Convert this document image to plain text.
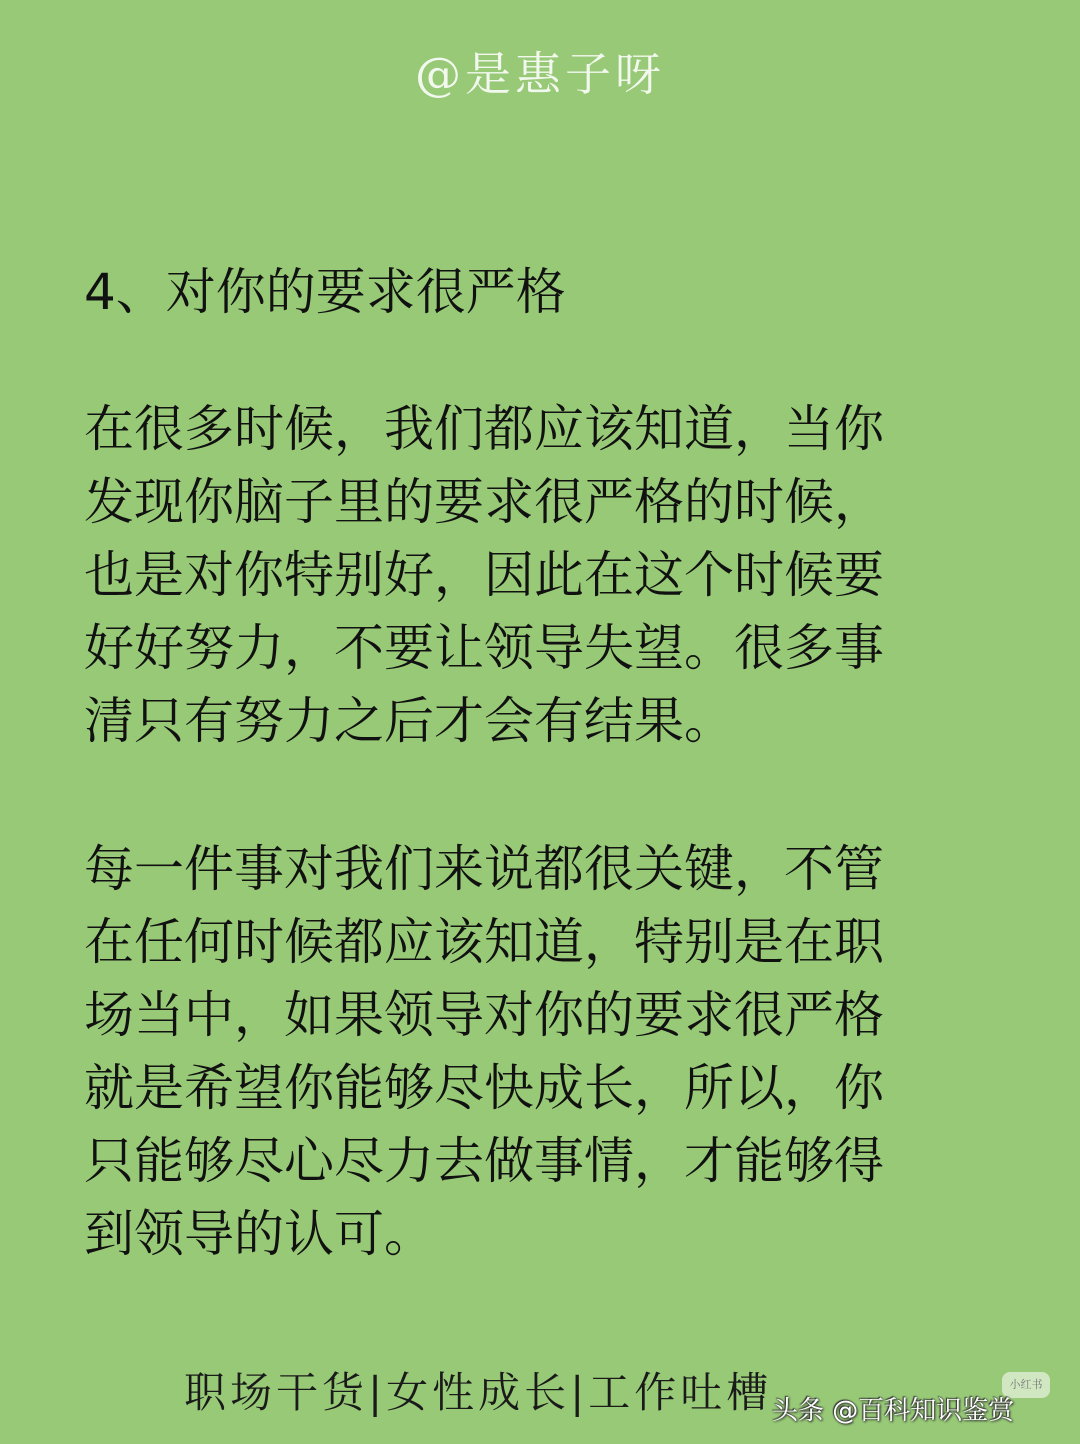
@是惠子呀
4、对你的要求很严格
在很多时候，我们都应该知道，当你
发现你脑子里的要求很严格的时候，
也是对你特别好，因此在这个时候要
好好努力，不要让领导失望。很多事
清只有努力之后才会有结果。
每一件事对我们来说都很关键，不管
在任何时候都应该知道，特别是在职
场当中，如果领导对你的要求很严格
就是希望你能够尽快成长，所以，你
只能够尽心尽力去做事情，才能够得
到领导的认可。
职场干货|女性成长|工作吐槽	小红书
头条 @百科知识鉴赏
